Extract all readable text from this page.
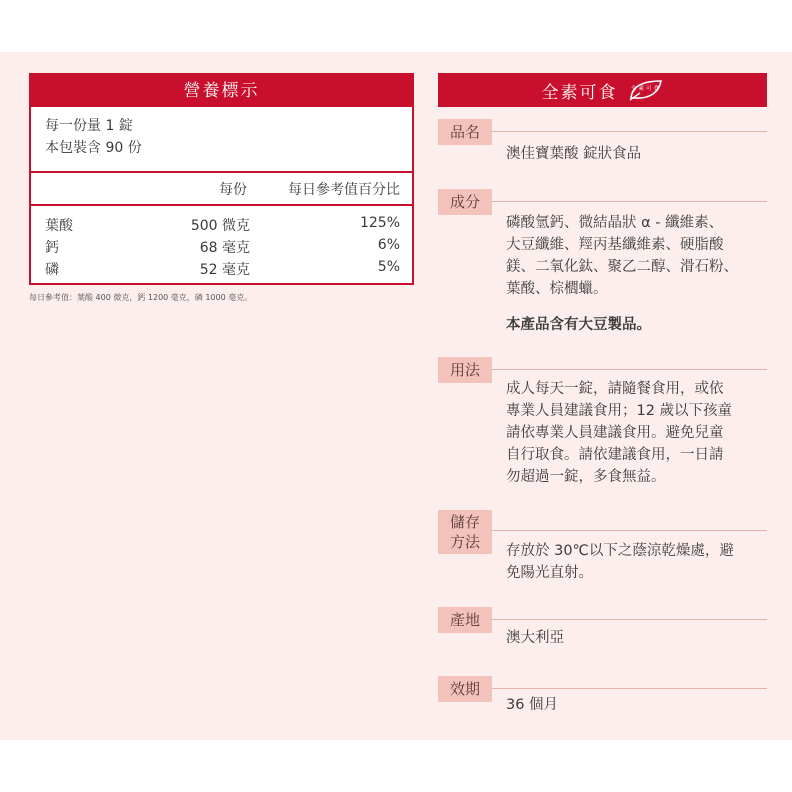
營養標示
每一份量 1 錠
本包裝含 90 份
每份	每日參考值百分比
葉酸	500 微克	125%
鈣	68 毫克	6%
磷	52 毫克	5%
每日參考值：葉酸 400 微克，鈣 1200 毫克，磷 1000 毫克。
全素可食 全素可食
品名
澳佳寶葉酸 錠狀食品
成分
磷酸氫鈣、微結晶狀 α - 纖維素、
大豆纖維、羥丙基纖維素、硬脂酸
鎂、二氧化鈦、聚乙二醇、滑石粉、
葉酸、棕櫚蠟。
本產品含有大豆製品。
用法
成人每天一錠，請隨餐食用，或依
專業人員建議食用；12 歲以下孩童
請依專業人員建議食用。避免兒童
自行取食。請依建議食用，一日請
勿超過一錠，多食無益。
儲存
方法 存放於 30℃以下之蔭涼乾燥處，避
免陽光直射。
產地
澳大利亞
效期
36 個月
